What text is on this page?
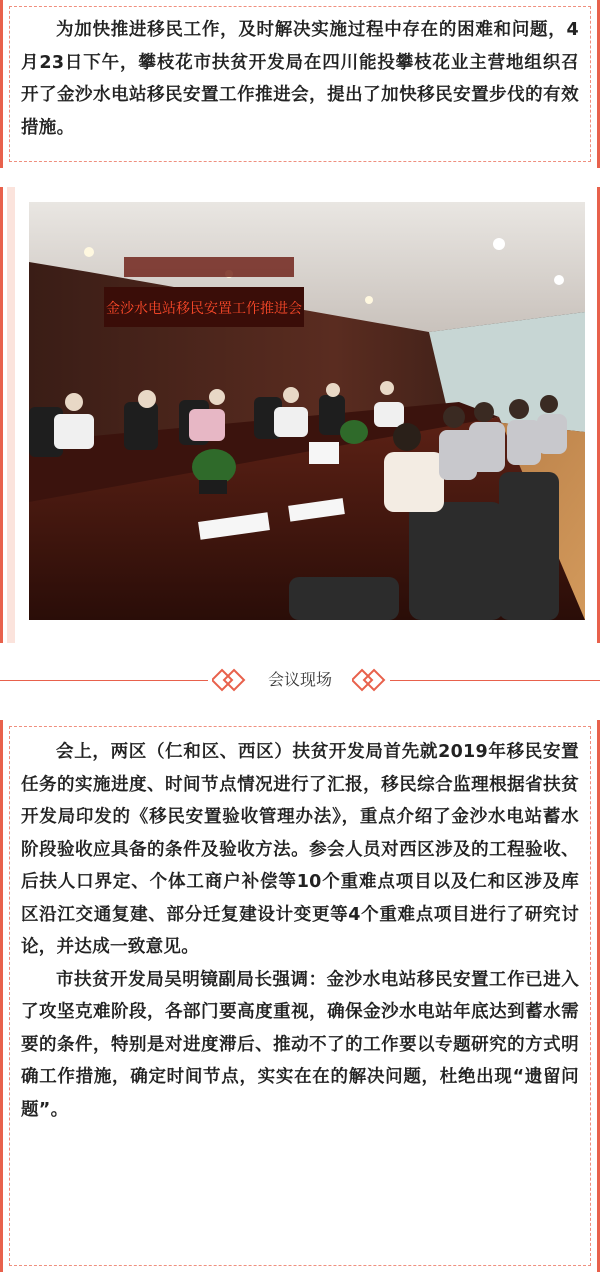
为加快推进移民工作，及时解决实施过程中存在的困难和问题，4月23日下午，攀枝花市扶贫开发局在四川能投攀枝花业主营地组织召开了金沙水电站移民安置工作推进会，提出了加快移民安置步伐的有效措施。

金沙水电站移民安置工作推进会
会议现场

会上，两区（仁和区、西区）扶贫开发局首先就2019年移民安置任务的实施进度、时间节点情况进行了汇报，移民综合监理根据省扶贫开发局印发的《移民安置验收管理办法》，重点介绍了金沙水电站蓄水阶段验收应具备的条件及验收方法。参会人员对西区涉及的工程验收、后扶人口界定、个体工商户补偿等10个重难点项目以及仁和区涉及库区沿江交通复建、部分迁复建设计变更等4个重难点项目进行了研究讨论，并达成一致意见。

市扶贫开发局吴明镜副局长强调：金沙水电站移民安置工作已进入了攻坚克难阶段，各部门要高度重视，确保金沙水电站年底达到蓄水需要的条件，特别是对进度滞后、推动不了的工作要以专题研究的方式明确工作措施，确定时间节点，实实在在的解决问题，杜绝出现“遗留问题”。
